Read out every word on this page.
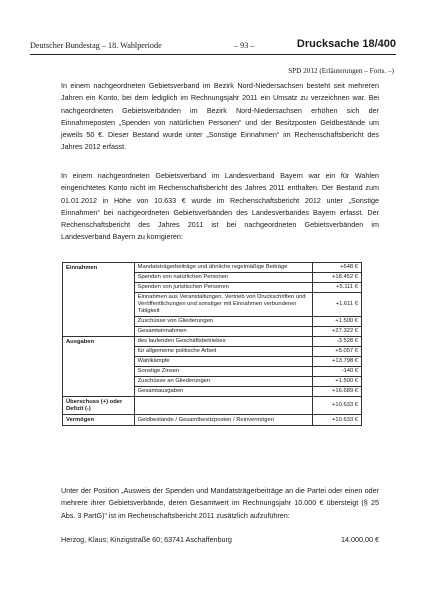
Deutscher Bundestag – 18. Wahlperiode	– 93 –	Drucksache 18/400
SPD 2012 (Erläuterungen – Forts. –)

In einem nachgeordneten Gebietsverband im Bezirk Nord-Niedersachsen besteht seit mehreren Jahren ein Konto, bei dem lediglich im Rechnungsjahr 2011 ein Umsatz zu verzeichnen war. Bei nachgeordneten Gebietsverbänden im Bezirk Nord-Niedersachsen erhöhen sich der Einnahmeposten „Spenden von natürlichen Personen“ und der Besitzposten Geldbestände um jeweils 50 €. Dieser Bestand wurde unter „Sonstige Einnahmen“ im Rechenschaftsbericht des Jahres 2012 erfasst.

In einem nachgeordneten Gebietsverband im Landesverband Bayern war ein für Wahlen eingerichtetes Konto nicht im Rechenschaftsbericht des Jahres 2011 enthalten. Der Bestand zum 01.01.2012 in Höhe von 10.633 € wurde im Rechenschaftsbericht 2012 unter „Sonstige Einnahmen“ bei nachgeordneten Gebietsverbänden des Landesverbandes Bayern erfasst. Der Rechenschaftsbericht des Jahres 2011 ist bei nachgeordneten Gebietsverbänden im Landesverband Bayern zu korrigieren:

Einnahmen	Mandatsträgerbeiträge und ähnliche regelmäßige Beiträge	+648 €
	Spenden von natürlichen Personen	+18.452 €
	Spenden von juristischen Personen	+5.111 €
	Einnahmen aus Veranstaltungen, Vertrieb von Druckschriften und Veröffentlichungen und sonstiger mit Einnahmen verbundener Tätigkeit	+1.611 €
	Zuschüsse von Gliederungen	+1.500 €
	Gesamteinnahmen	+27.322 €
Ausgaben	des laufenden Geschäftsbetriebes	-3.528 €
	für allgemeine politische Arbeit	+5.057 €
	Wahlkämpfe	+13.798 €
	Sonstige Zinsen	-140 €
	Zuschüsse an Gliederungen	+1.500 €
	Gesamtausgaben	+16.689 €
Überschuss (+) oder Defizit (-)		+10.633 €
Vermögen	Geldbestände / Gesamtbesitzposten / Reinvermögen	+10.633 €

Unter der Position „Ausweis der Spenden und Mandatsträgerbeiträge an die Partei oder einen oder mehrere ihrer Gebietsverbände, deren Gesamtwert im Rechnungsjahr 10.000 € übersteigt (§ 25 Abs. 3 PartG)“ ist im Rechenschaftsbericht 2011 zusätzlich aufzuführen:

Herzog, Klaus; Kinzigstraße 60; 63741 Aschaffenburg	14.000,00 €
